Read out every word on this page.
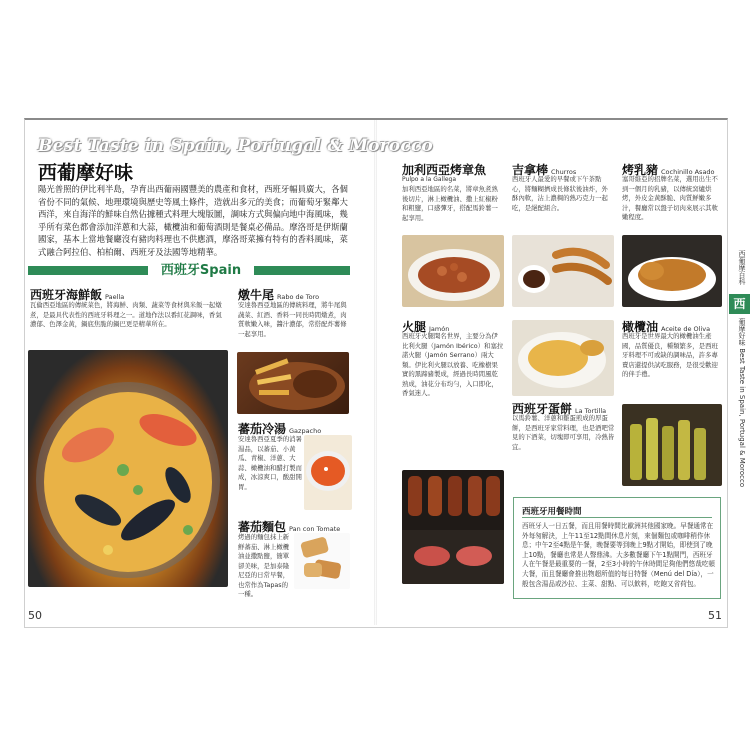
Best Taste in Spain, Portugal & Morocco
西葡摩好味
陽光普照的伊比利半島，孕育出西葡兩國豐美的農產和食材，西班牙幅員廣大，各個省份不同的氣候、地理環境與歷史等風土條件，造就出多元的美食；而葡萄牙緊鄰大西洋，來自海洋的鮮味自然佔據種式料理大塊版圖，調味方式與偏向地中海風味，幾乎所有菜色都會添加洋蔥和大蒜，橄欖油和葡萄酒則是餐桌必備品。摩洛哥是伊斯蘭國家，基本上當地餐廳沒有豬肉料理也不供應酒，摩洛哥菜擁有特有的香料風味，菜式融合阿拉伯、柏柏爾、西班牙及法國等地精華。
西班牙Spain
西班牙海鮮飯 Paella
瓦倫西亞地區的傳統菜色，將海鮮、肉類、蔬菜等食材與米飯一起燉煮，是最具代表性的西班牙料理之一。道地作法以番紅花調味，香氣濃郁、色澤金黃，鍋底焦脆的鍋巴更是精華所在。
燉牛尾 Rabo de Toro
安達魯西亞地區的傳統料理，將牛尾與蔬菜、紅酒、香料一同長時間燉煮，肉質軟嫩入味，醬汁濃郁，常搭配炸薯條一起享用。
蕃茄冷湯 Gazpacho
安達魯西亞夏季的消暑湯品，以蕃茄、小黃瓜、青椒、洋蔥、大蒜、橄欖油和醋打製而成，冰涼爽口，酸甜開胃。
蕃茄麵包 Pan con Tomate
烤過的麵包抹上新鮮蕃茄、淋上橄欖油並撒點鹽，簡單卻美味，是加泰隆尼亞的日常早餐，也常作為Tapas的一種。
50
加利西亞烤章魚
Pulpo a la Gallega
加利西亞地區的名菜，將章魚煮熟後切片，淋上橄欖油、撒上紅椒粉和粗鹽，口感彈牙，搭配馬鈴薯一起享用。
吉拿棒 Churros
西班牙人最愛的早餐或下午茶點心，將麵糊擠成長條狀後油炸，外酥內軟，沾上濃稠的熱巧克力一起吃，是絕配組合。
烤乳豬 Cochinillo Asado
塞哥維亞的招牌名菜，選用出生不到一個月的乳豬，以傳統窯爐烘烤，外皮金黃酥脆、肉質鮮嫩多汁，餐廳常以盤子切肉來展示其軟嫩程度。
火腿 Jamón
西班牙火腿聞名世界，主要分為伊比利火腿（Jamón Ibérico）和塞拉諾火腿（Jamón Serrano）兩大類。伊比利火腿以放養、吃橡樹果實的黑蹄豬製成，經過長時間風乾熟成，油花分布均勻，入口即化，香氣迷人。
西班牙蛋餅 La Tortilla
以馬鈴薯、洋蔥和雞蛋煎成的厚蛋餅，是西班牙家常料理，也是酒吧常見的下酒菜，切塊即可享用，冷熱皆宜。
橄欖油 Aceite de Oliva
西班牙是世界最大的橄欖油生產國，品質優良，種類繁多，是西班牙料理不可或缺的調味品，許多專賣店還提供試吃服務，是很受歡迎的伴手禮。
西班牙用餐時間
西班牙人一日五餐，而且用餐時間比歐洲其他國家晚。早餐通常在外每匆解決，上午11至12點間休息片刻，來個麵包或咖啡稍作休息；中午2至4點是午餐，晚餐要等到晚上9點才開始，即使到了晚上10點，餐廳也常是人聲鼎沸。大多數餐廳下午1點開門，西班牙人在午餐是最重要的一餐，2至3小時的午休時間足夠他們悠哉吃頓大餐，而且餐廳會推出物超所值的每日特餐（Menú del Día），一般包含湯品或沙拉、主菜、甜點、可以飲料，吃飽又省荷包。
西葡摩百科
西
葡摩好味 Best Taste in Spain, Portugal & Morocco
51
